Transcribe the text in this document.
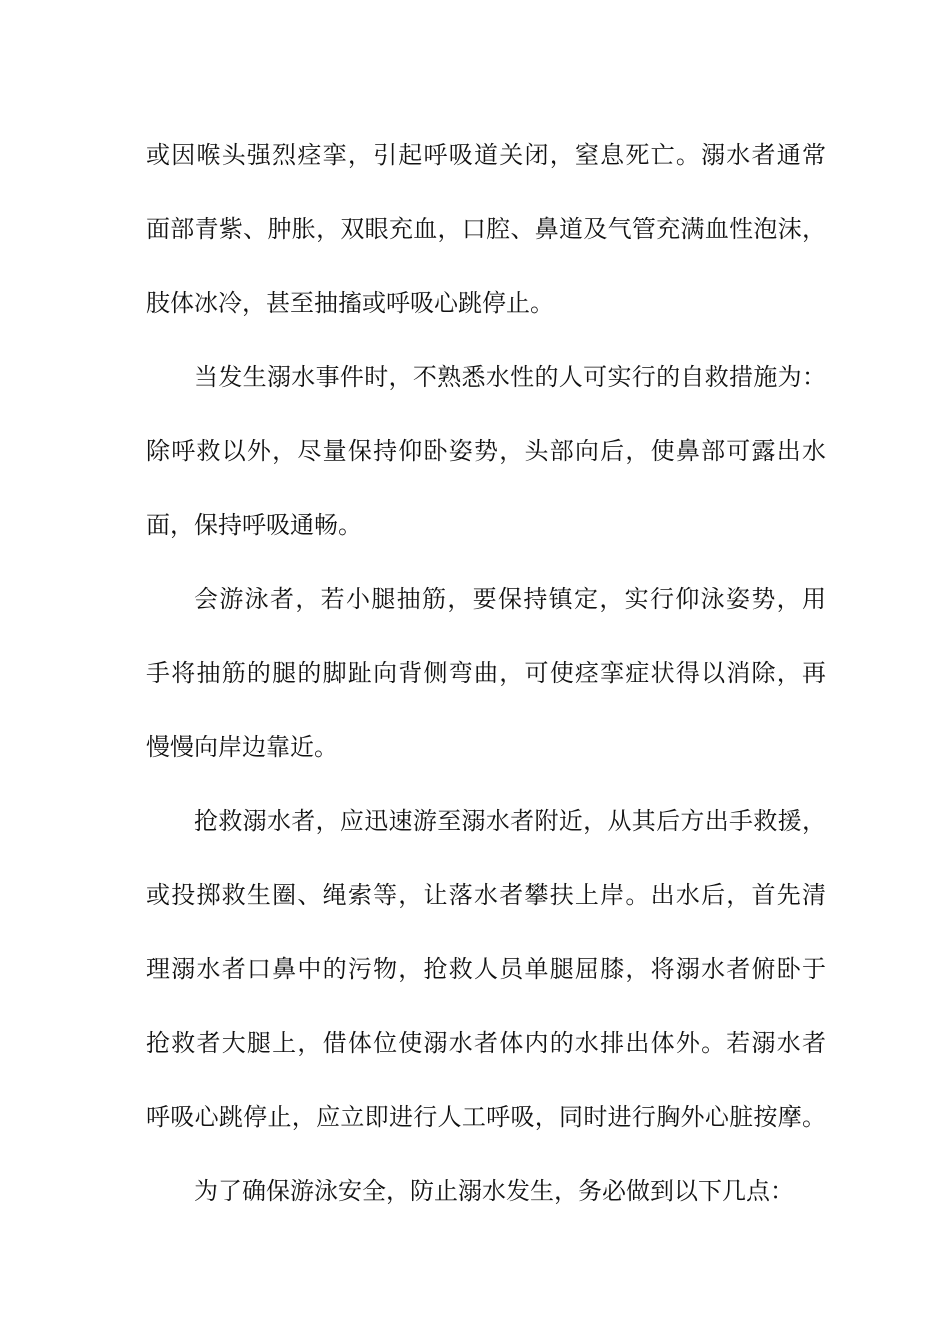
或因喉头强烈痉挛，引起呼吸道关闭，窒息死亡。溺水者通常
面部青紫、肿胀，双眼充血，口腔、鼻道及气管充满血性泡沫，
肢体冰冷，甚至抽搐或呼吸心跳停止。
当发生溺水事件时，不熟悉水性的人可实行的自救措施为：
除呼救以外，尽量保持仰卧姿势，头部向后，使鼻部可露出水
面，保持呼吸通畅。
会游泳者，若小腿抽筋，要保持镇定，实行仰泳姿势，用
手将抽筋的腿的脚趾向背侧弯曲，可使痉挛症状得以消除，再
慢慢向岸边靠近。
抢救溺水者，应迅速游至溺水者附近，从其后方出手救援，
或投掷救生圈、绳索等，让落水者攀扶上岸。出水后，首先清
理溺水者口鼻中的污物，抢救人员单腿屈膝，将溺水者俯卧于
抢救者大腿上，借体位使溺水者体内的水排出体外。若溺水者
呼吸心跳停止，应立即进行人工呼吸，同时进行胸外心脏按摩。
为了确保游泳安全，防止溺水发生，务必做到以下几点：
